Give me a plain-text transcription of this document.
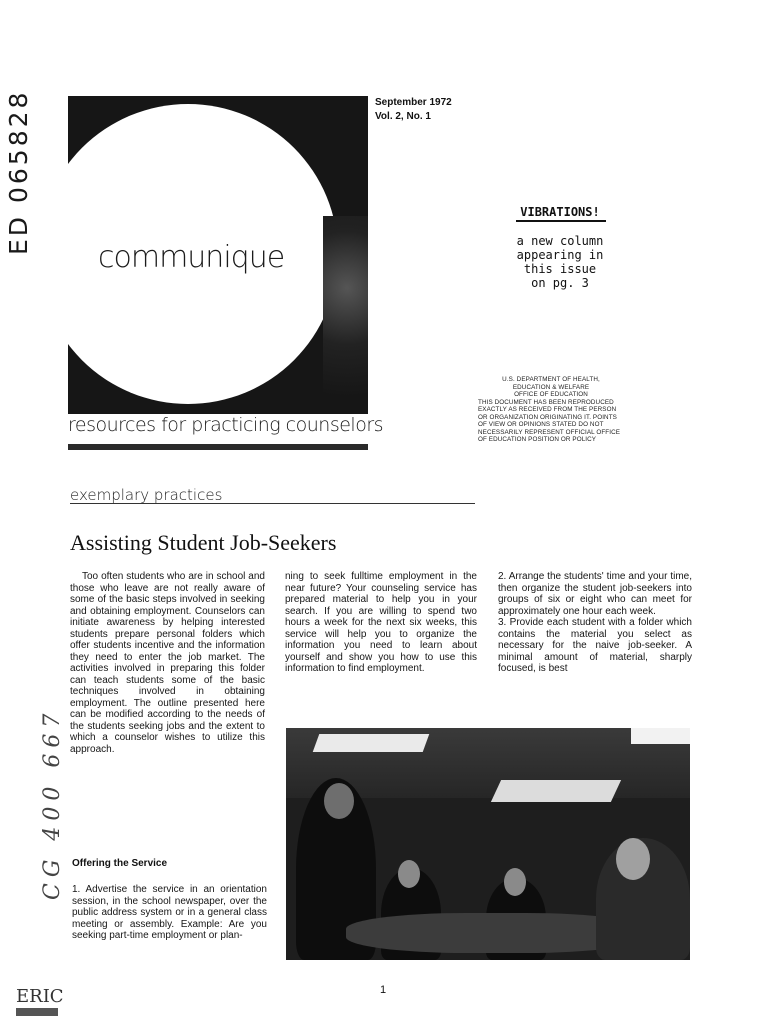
ED 065828
CG 400 667
communique
resources for practicing counselors
September 1972
Vol. 2, No. 1
VIBRATIONS!
a new column
appearing in
this issue
on pg. 3
U.S. DEPARTMENT OF HEALTH,
EDUCATION & WELFARE
OFFICE OF EDUCATION
THIS DOCUMENT HAS BEEN REPRODUCED EXACTLY AS RECEIVED FROM THE PERSON OR ORGANIZATION ORIGINATING IT. POINTS OF VIEW OR OPINIONS STATED DO NOT NECESSARILY REPRESENT OFFICIAL OFFICE OF EDUCATION POSITION OR POLICY
exemplary practices
Assisting Student Job-Seekers

Too often students who are in school and those who leave are not really aware of some of the basic steps involved in seeking and obtaining employment. Counselors can initiate awareness by helping interested students prepare personal folders which offer students incentive and the information they need to enter the job market. The activities involved in preparing this folder can teach students some of the basic techniques involved in obtaining employment. The outline presented here can be modified according to the needs of the students seeking jobs and the extent to which a counselor wishes to utilize this approach.

Offering the Service
1. Advertise the service in an orientation session, in the school newspaper, over the public address system or in a general class meeting or assembly. Example: Are you seeking part-time employment or plan-
ning to seek fulltime employment in the near future? Your counseling service has prepared material to help you in your search. If you are willing to spend two hours a week for the next six weeks, this service will help you to organize the information you need to learn about yourself and show you how to use this information to find employment.

2. Arrange the students' time and your time, then organize the student job-seekers into groups of six or eight who can meet for approximately one hour each week.

3. Provide each student with a folder which contains the material you select as necessary for the naive job-seeker. A minimal amount of material, sharply focused, is best

1
ERIC
